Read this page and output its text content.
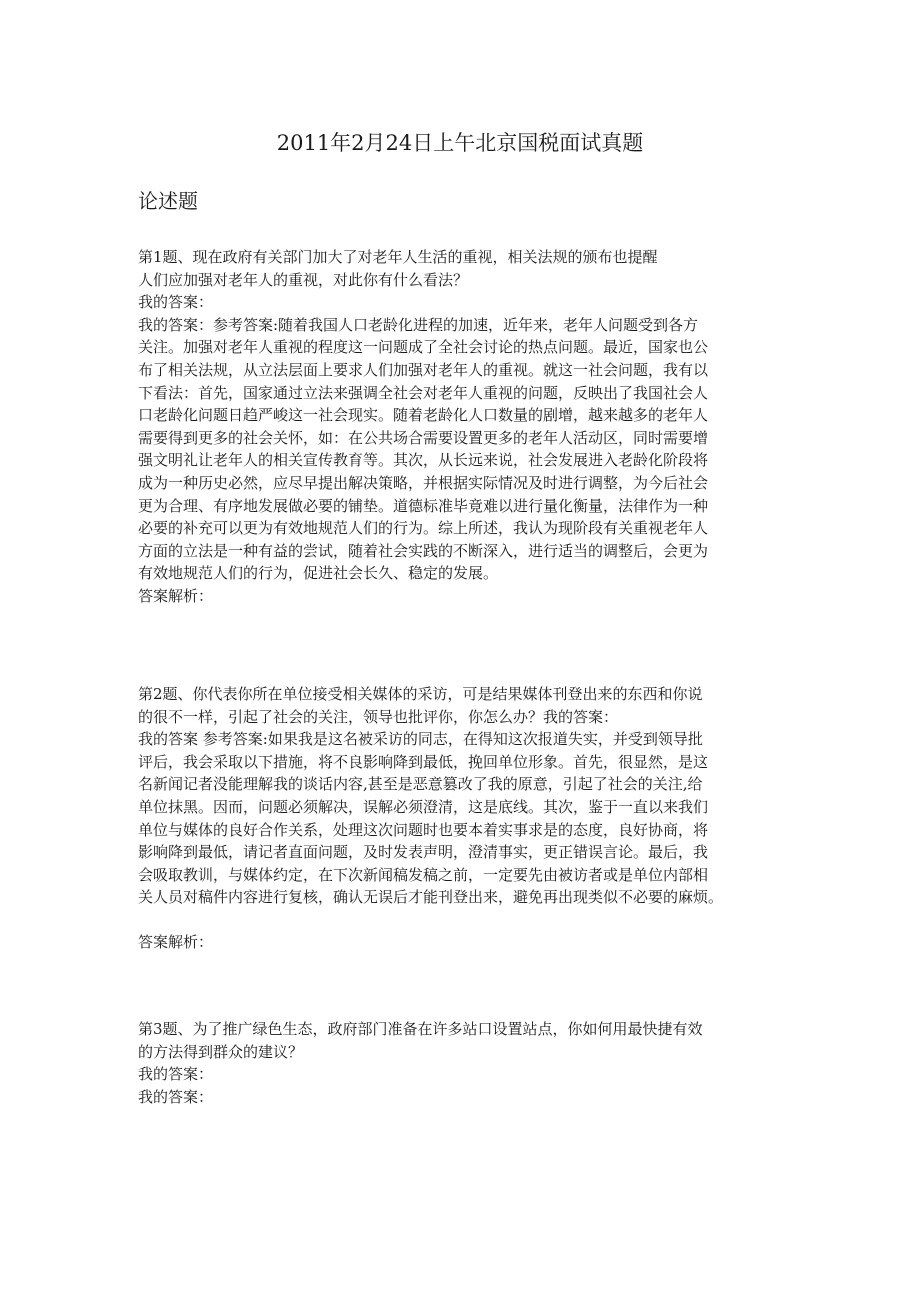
2011年2月24日上午北京国税面试真题
论述题

第1题、现在政府有关部门加大了对老年人生活的重视，相关法规的颁布也提醒

人们应加强对老年人的重视，对此你有什么看法？

我的答案：

我的答案：参考答案:随着我国人口老龄化进程的加速，近年来，老年人问题受到各方

关注。加强对老年人重视的程度这一问题成了全社会讨论的热点问题。最近，国家也公

布了相关法规，从立法层面上要求人们加强对老年人的重视。就这一社会问题，我有以

下看法：首先，国家通过立法来强调全社会对老年人重视的问题，反映出了我国社会人

口老龄化问题日趋严峻这一社会现实。随着老龄化人口数量的剧增，越来越多的老年人

需要得到更多的社会关怀，如：在公共场合需要设置更多的老年人活动区，同时需要增

强文明礼让老年人的相关宣传教育等。其次，从长远来说，社会发展进入老龄化阶段将

成为一种历史必然，应尽早提出解决策略，并根据实际情况及时进行调整，为今后社会

更为合理、有序地发展做必要的铺垫。道德标准毕竟难以进行量化衡量，法律作为一种

必要的补充可以更为有效地规范人们的行为。综上所述，我认为现阶段有关重视老年人

方面的立法是一种有益的尝试，随着社会实践的不断深入，进行适当的调整后，会更为

有效地规范人们的行为，促进社会长久、稳定的发展。

答案解析：

第2题、你代表你所在单位接受相关媒体的采访，可是结果媒体刊登出来的东西和你说

的很不一样，引起了社会的关注，领导也批评你，你怎么办？我的答案：

我的答案 参考答案:如果我是这名被采访的同志，在得知这次报道失实，并受到领导批

评后，我会采取以下措施，将不良影响降到最低，挽回单位形象。首先，很显然，是这

名新闻记者没能理解我的谈话内容,甚至是恶意篡改了我的原意，引起了社会的关注,给

单位抹黑。因而，问题必须解决，误解必须澄清，这是底线。其次，鉴于一直以来我们

单位与媒体的良好合作关系，处理这次问题时也要本着实事求是的态度，良好协商，将

影响降到最低，请记者直面问题，及时发表声明，澄清事实，更正错误言论。最后，我

会吸取教训，与媒体约定，在下次新闻稿发稿之前，一定要先由被访者或是单位内部相

关人员对稿件内容进行复核，确认无误后才能刊登出来，避免再出现类似不必要的麻烦。

答案解析：

第3题、为了推广绿色生态，政府部门准备在许多站口设置站点，你如何用最快捷有效

的方法得到群众的建议？

我的答案：

我的答案：
